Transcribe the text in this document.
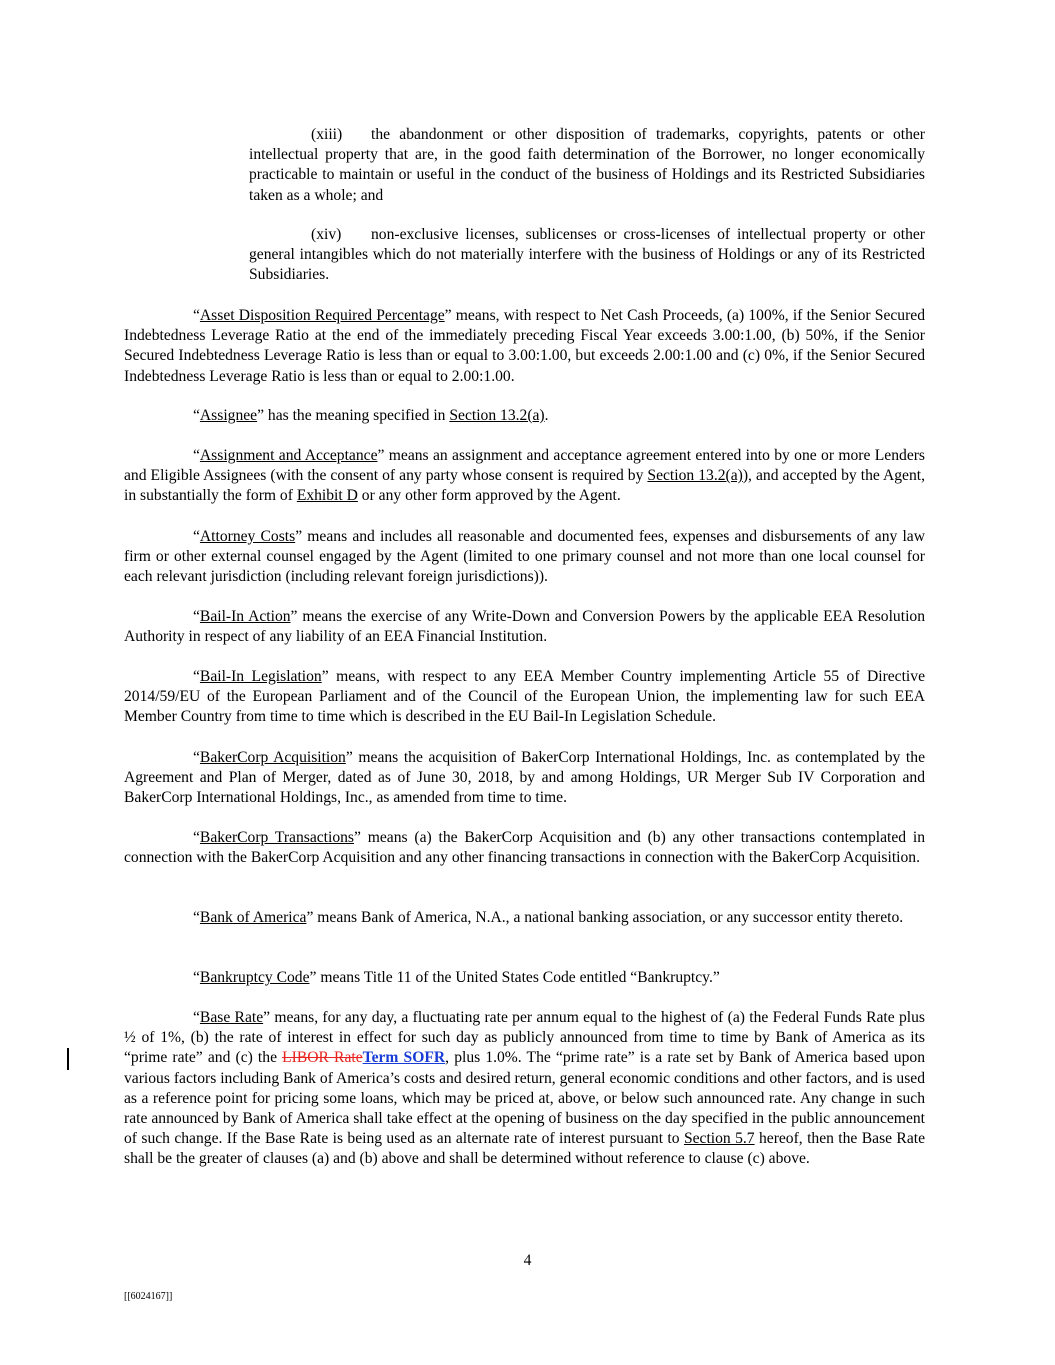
(xiii) the abandonment or other disposition of trademarks, copyrights, patents or other intellectual property that are, in the good faith determination of the Borrower, no longer economically practicable to maintain or useful in the conduct of the business of Holdings and its Restricted Subsidiaries taken as a whole; and

(xiv) non-exclusive licenses, sublicenses or cross-licenses of intellectual property or other general intangibles which do not materially interfere with the business of Holdings or any of its Restricted Subsidiaries.

“Asset Disposition Required Percentage” means, with respect to Net Cash Proceeds, (a) 100%, if the Senior Secured Indebtedness Leverage Ratio at the end of the immediately preceding Fiscal Year exceeds 3.00:1.00, (b) 50%, if the Senior Secured Indebtedness Leverage Ratio is less than or equal to 3.00:1.00, but exceeds 2.00:1.00 and (c) 0%, if the Senior Secured Indebtedness Leverage Ratio is less than or equal to 2.00:1.00.

“Assignee” has the meaning specified in Section 13.2(a).

“Assignment and Acceptance” means an assignment and acceptance agreement entered into by one or more Lenders and Eligible Assignees (with the consent of any party whose consent is required by Section 13.2(a)), and accepted by the Agent, in substantially the form of Exhibit D or any other form approved by the Agent.

“Attorney Costs” means and includes all reasonable and documented fees, expenses and disbursements of any law firm or other external counsel engaged by the Agent (limited to one primary counsel and not more than one local counsel for each relevant jurisdiction (including relevant foreign jurisdictions)).

“Bail-In Action” means the exercise of any Write-Down and Conversion Powers by the applicable EEA Resolution Authority in respect of any liability of an EEA Financial Institution.

“Bail-In Legislation” means, with respect to any EEA Member Country implementing Article 55 of Directive 2014/59/EU of the European Parliament and of the Council of the European Union, the implementing law for such EEA Member Country from time to time which is described in the EU Bail-In Legislation Schedule.

“BakerCorp Acquisition” means the acquisition of BakerCorp International Holdings, Inc. as contemplated by the Agreement and Plan of Merger, dated as of June 30, 2018, by and among Holdings, UR Merger Sub IV Corporation and BakerCorp International Holdings, Inc., as amended from time to time.

“BakerCorp Transactions” means (a) the BakerCorp Acquisition and (b) any other transactions contemplated in connection with the BakerCorp Acquisition and any other financing transactions in connection with the BakerCorp Acquisition.

“Bank of America” means Bank of America, N.A., a national banking association, or any successor entity thereto.

“Bankruptcy Code” means Title 11 of the United States Code entitled “Bankruptcy.”

“Base Rate” means, for any day, a fluctuating rate per annum equal to the highest of (a) the Federal Funds Rate plus ½ of 1%, (b) the rate of interest in effect for such day as publicly announced from time to time by Bank of America as its “prime rate” and (c) the LIBOR RateTerm SOFR, plus 1.0%. The “prime rate” is a rate set by Bank of America based upon various factors including Bank of America’s costs and desired return, general economic conditions and other factors, and is used as a reference point for pricing some loans, which may be priced at, above, or below such announced rate. Any change in such rate announced by Bank of America shall take effect at the opening of business on the day specified in the public announcement of such change. If the Base Rate is being used as an alternate rate of interest pursuant to Section 5.7 hereof, then the Base Rate shall be the greater of clauses (a) and (b) above and shall be determined without reference to clause (c) above.

4
[[6024167]]
